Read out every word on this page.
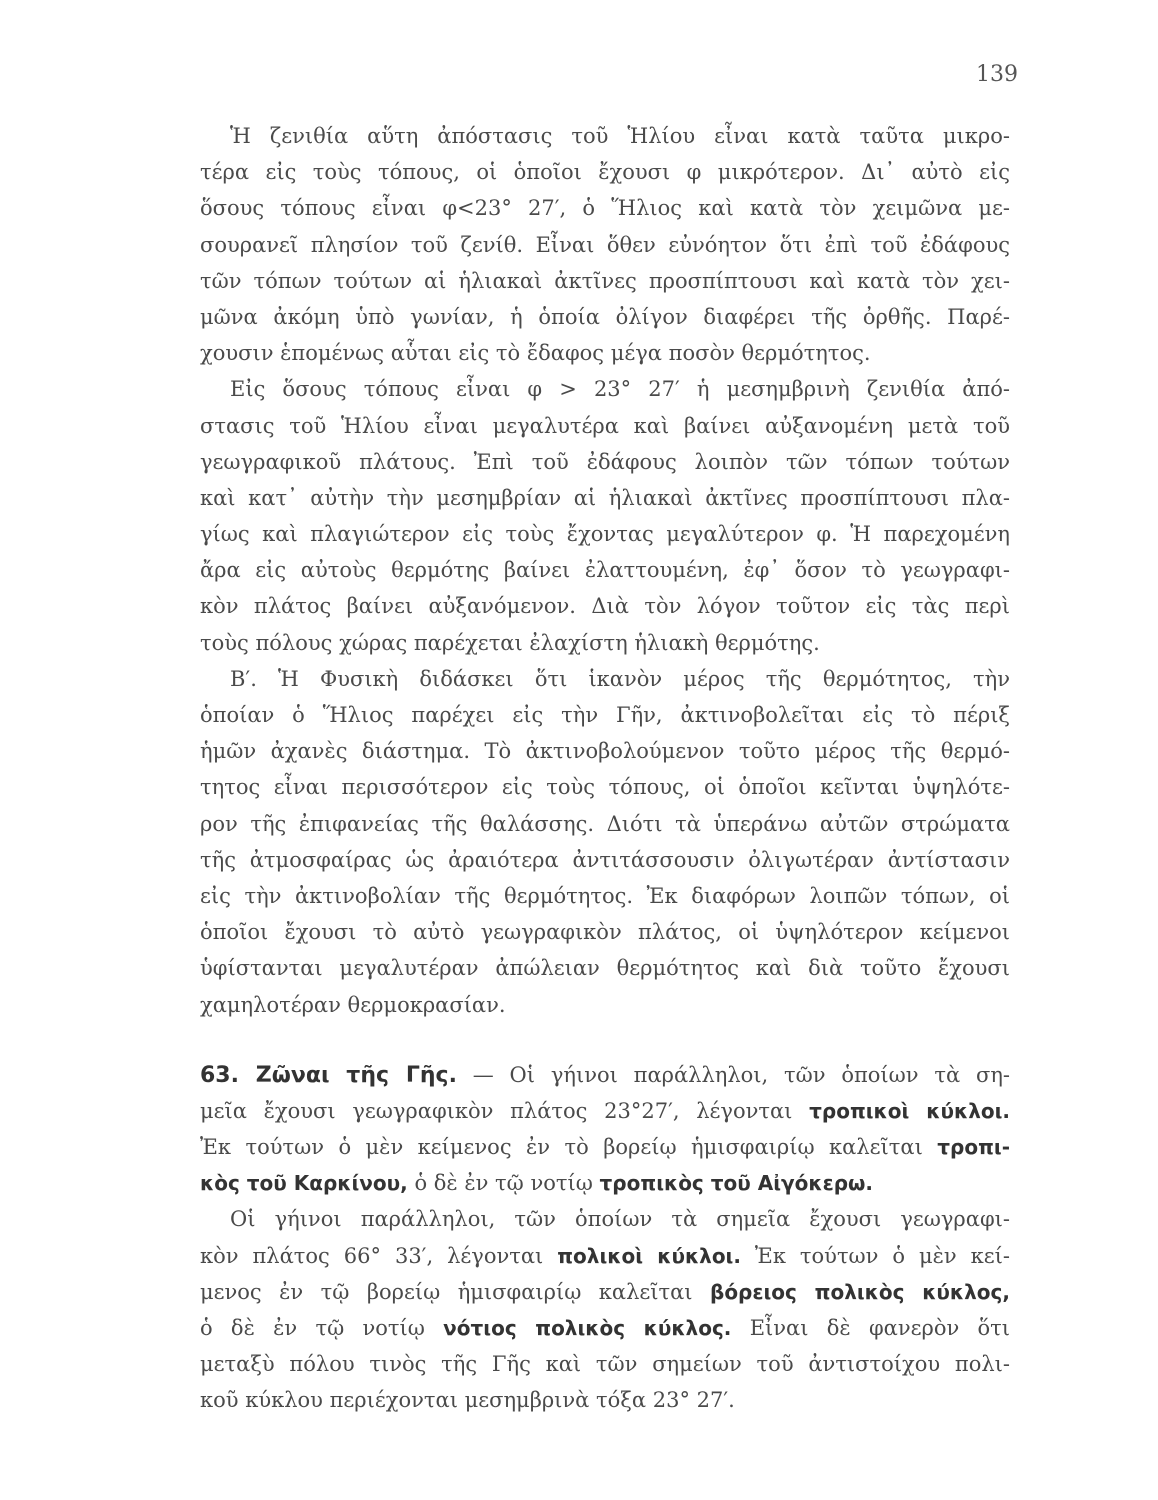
139
Ἡ ζενιθία αὕτη ἀπόστασις τοῦ Ἡλίου εἶναι κατὰ ταῦτα μικρο-
τέρα εἰς τοὺς τόπους, οἱ ὁποῖοι ἔχουσι φ μικρότερον. Δι᾽ αὐτὸ εἰς
ὅσους τόπους εἶναι φ<23° 27′, ὁ Ἥλιος καὶ κατὰ τὸν χειμῶνα με-
σουρανεῖ πλησίον τοῦ ζενίθ. Εἶναι ὅθεν εὐνόητον ὅτι ἐπὶ τοῦ ἐδάφους
τῶν τόπων τούτων αἱ ἡλιακαὶ ἀκτῖνες προσπίπτουσι καὶ κατὰ τὸν χει-
μῶνα ἀκόμη ὑπὸ γωνίαν, ἡ ὁποία ὀλίγον διαφέρει τῆς ὀρθῆς. Παρέ-
χουσιν ἑπομένως αὗται εἰς τὸ ἔδαφος μέγα ποσὸν θερμότητος.
Εἰς ὅσους τόπους εἶναι φ > 23° 27′ ἡ μεσημβρινὴ ζενιθία ἀπό-
στασις τοῦ Ἡλίου εἶναι μεγαλυτέρα καὶ βαίνει αὐξανομένη μετὰ τοῦ
γεωγραφικοῦ πλάτους. Ἐπὶ τοῦ ἐδάφους λοιπὸν τῶν τόπων τούτων
καὶ κατ᾽ αὐτὴν τὴν μεσημβρίαν αἱ ἡλιακαὶ ἀκτῖνες προσπίπτουσι πλα-
γίως καὶ πλαγιώτερον εἰς τοὺς ἔχοντας μεγαλύτερον φ. Ἡ παρεχομένη
ἄρα εἰς αὐτοὺς θερμότης βαίνει ἐλαττουμένη, ἐφ᾽ ὅσον τὸ γεωγραφι-
κὸν πλάτος βαίνει αὐξανόμενον. Διὰ τὸν λόγον τοῦτον εἰς τὰς περὶ
τοὺς πόλους χώρας παρέχεται ἐλαχίστη ἡλιακὴ θερμότης.
Β′. Ἡ Φυσικὴ διδάσκει ὅτι ἱκανὸν μέρος τῆς θερμότητος, τὴν
ὁποίαν ὁ Ἥλιος παρέχει εἰς τὴν Γῆν, ἀκτινοβολεῖται εἰς τὸ πέριξ
ἡμῶν ἀχανὲς διάστημα. Τὸ ἀκτινοβολούμενον τοῦτο μέρος τῆς θερμό-
τητος εἶναι περισσότερον εἰς τοὺς τόπους, οἱ ὁποῖοι κεῖνται ὑψηλότε-
ρον τῆς ἐπιφανείας τῆς θαλάσσης. Διότι τὰ ὑπεράνω αὐτῶν στρώματα
τῆς ἀτμοσφαίρας ὡς ἀραιότερα ἀντιτάσσουσιν ὀλιγωτέραν ἀντίστασιν
εἰς τὴν ἀκτινοβολίαν τῆς θερμότητος. Ἐκ διαφόρων λοιπῶν τόπων, οἱ
ὁποῖοι ἔχουσι τὸ αὐτὸ γεωγραφικὸν πλάτος, οἱ ὑψηλότερον κείμενοι
ὑφίστανται μεγαλυτέραν ἀπώλειαν θερμότητος καὶ διὰ τοῦτο ἔχουσι
χαμηλοτέραν θερμοκρασίαν.
63. Ζῶναι τῆς Γῆς. — Οἱ γήινοι παράλληλοι, τῶν ὁποίων τὰ ση-
μεῖα ἔχουσι γεωγραφικὸν πλάτος 23°27′, λέγονται τροπικοὶ κύκλοι.
Ἐκ τούτων ὁ μὲν κείμενος ἐν τὸ βορείῳ ἡμισφαιρίῳ καλεῖται τροπι-
κὸς τοῦ Καρκίνου, ὁ δὲ ἐν τῷ νοτίῳ τροπικὸς τοῦ Αἰγόκερω.
Οἱ γήινοι παράλληλοι, τῶν ὁποίων τὰ σημεῖα ἔχουσι γεωγραφι-
κὸν πλάτος 66° 33′, λέγονται πολικοὶ κύκλοι. Ἐκ τούτων ὁ μὲν κεί-
μενος ἐν τῷ βορείῳ ἡμισφαιρίῳ καλεῖται βόρειος πολικὸς κύκλος,
ὁ δὲ ἐν τῷ νοτίῳ νότιος πολικὸς κύκλος. Εἶναι δὲ φανερὸν ὅτι
μεταξὺ πόλου τινὸς τῆς Γῆς καὶ τῶν σημείων τοῦ ἀντιστοίχου πολι-
κοῦ κύκλου περιέχονται μεσημβρινὰ τόξα 23° 27′.
